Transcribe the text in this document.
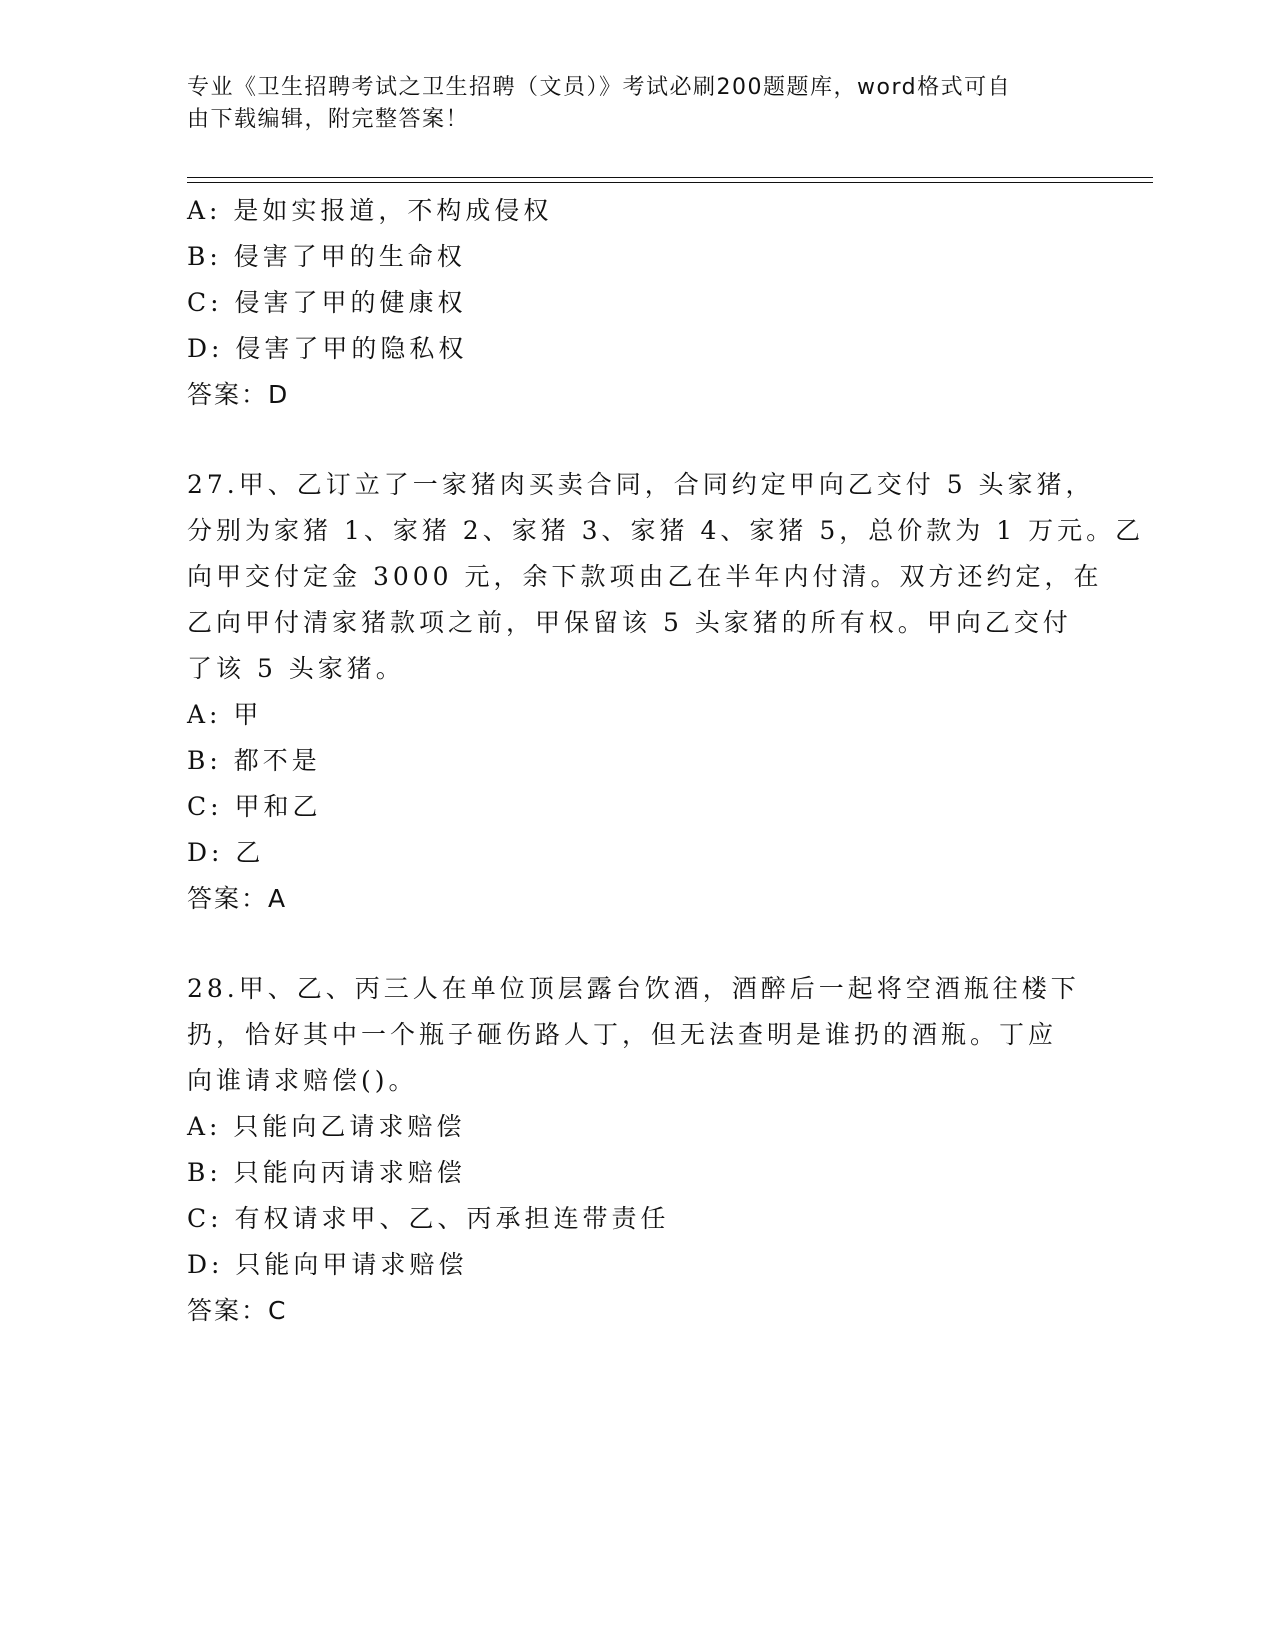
专业《卫生招聘考试之卫生招聘（文员）》考试必刷200题题库，word格式可自
由下载编辑，附完整答案！
A: 是如实报道，不构成侵权
B: 侵害了甲的生命权
C: 侵害了甲的健康权
D: 侵害了甲的隐私权
答案：D
27.甲、乙订立了一家猪肉买卖合同，合同约定甲向乙交付 5 头家猪，
分别为家猪 1、家猪 2、家猪 3、家猪 4、家猪 5，总价款为 1 万元。乙
向甲交付定金 3000 元，余下款项由乙在半年内付清。双方还约定，在
乙向甲付清家猪款项之前，甲保留该 5 头家猪的所有权。甲向乙交付
了该 5 头家猪。
A: 甲
B: 都不是
C: 甲和乙
D: 乙
答案：A
28.甲、乙、丙三人在单位顶层露台饮酒，酒醉后一起将空酒瓶往楼下
扔，恰好其中一个瓶子砸伤路人丁，但无法查明是谁扔的酒瓶。丁应
向谁请求赔偿()。
A: 只能向乙请求赔偿
B: 只能向丙请求赔偿
C: 有权请求甲、乙、丙承担连带责任
D: 只能向甲请求赔偿
答案：C
